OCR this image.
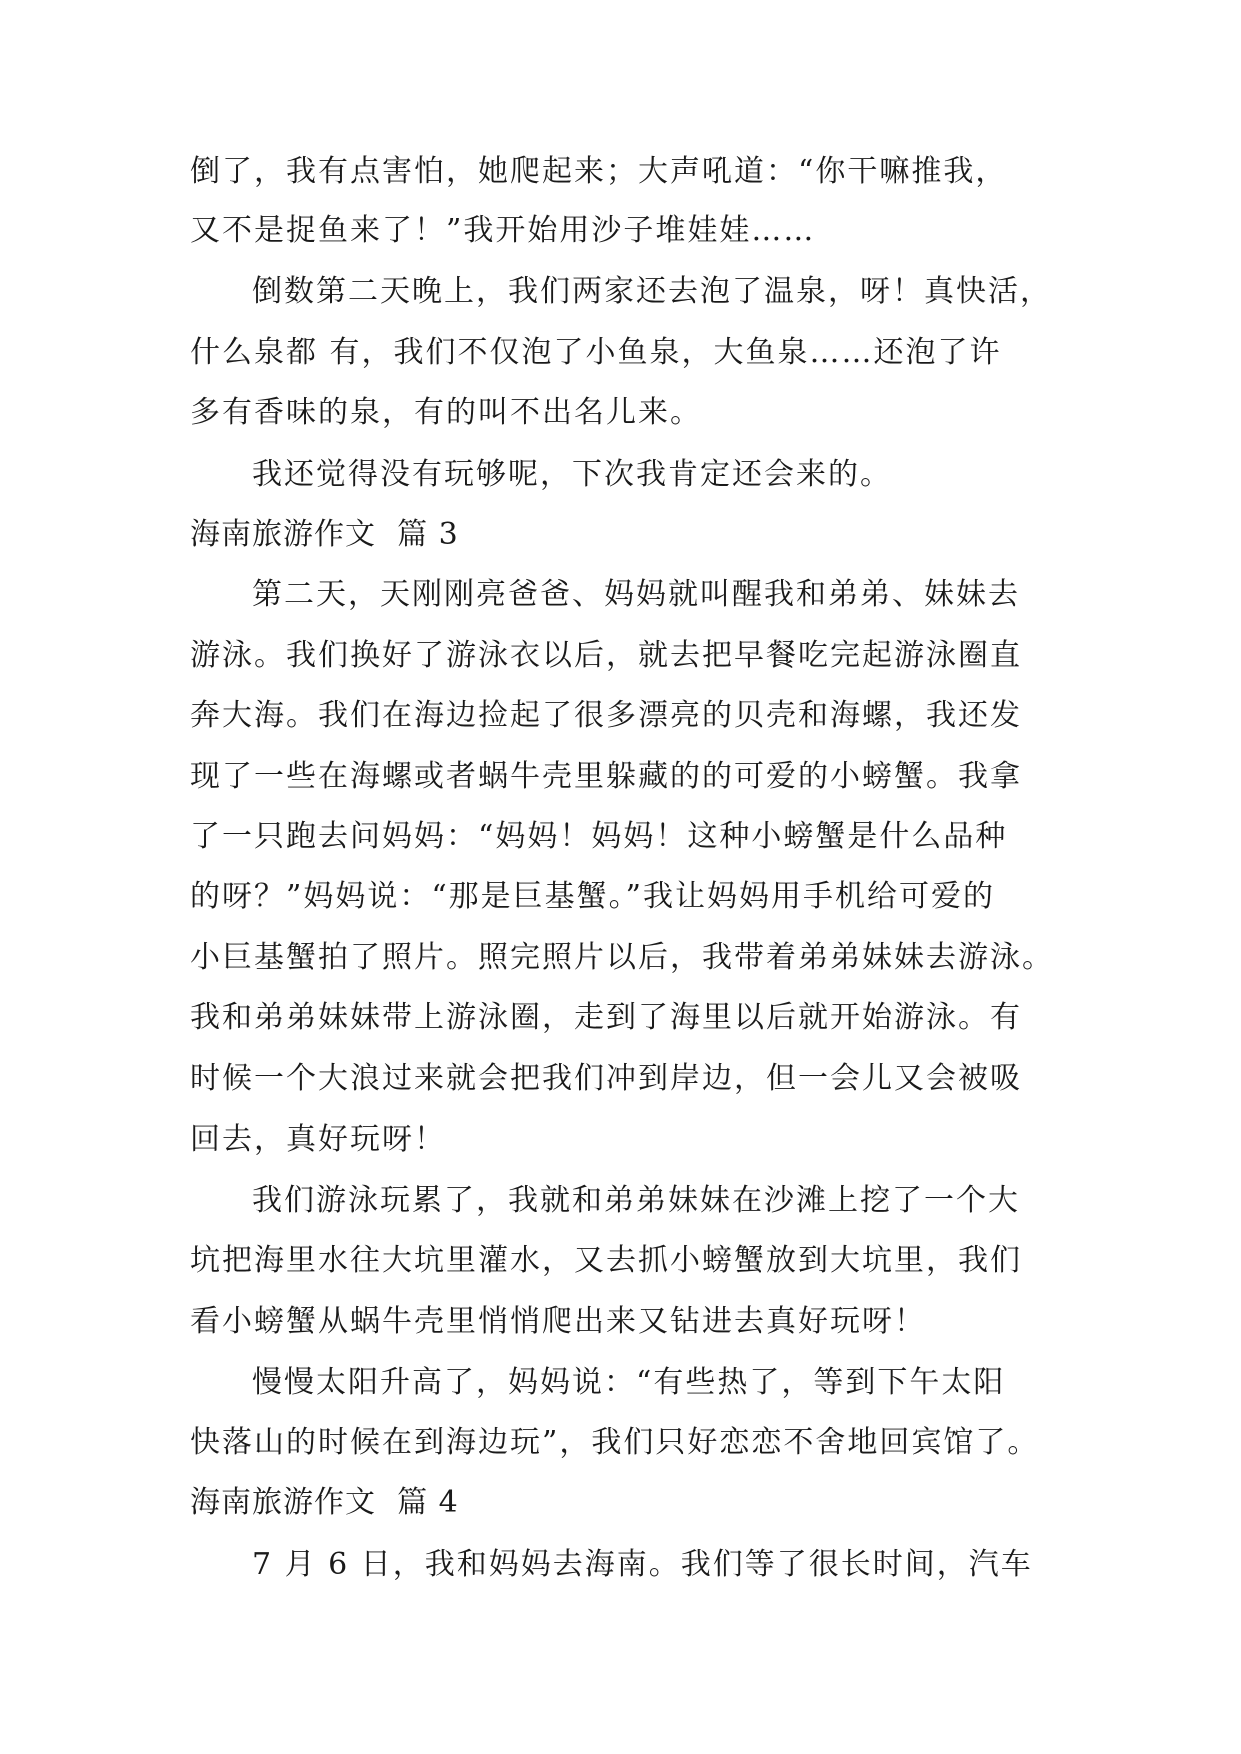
倒了，我有点害怕，她爬起来；大声吼道：“你干嘛推我，
又不是捉鱼来了！”我开始用沙子堆娃娃……
倒数第二天晚上，我们两家还去泡了温泉，呀！真快活，
什么泉都 有，我们不仅泡了小鱼泉，大鱼泉……还泡了许
多有香味的泉，有的叫不出名儿来。
我还觉得没有玩够呢，下次我肯定还会来的。
海南旅游作文  篇 3
第二天，天刚刚亮爸爸、妈妈就叫醒我和弟弟、妹妹去
游泳。我们换好了游泳衣以后，就去把早餐吃完起游泳圈直
奔大海。我们在海边捡起了很多漂亮的贝壳和海螺，我还发
现了一些在海螺或者蜗牛壳里躲藏的的可爱的小螃蟹。我拿
了一只跑去问妈妈：“妈妈！妈妈！这种小螃蟹是什么品种
的呀？”妈妈说：“那是巨基蟹。”我让妈妈用手机给可爱的
小巨基蟹拍了照片。照完照片以后，我带着弟弟妹妹去游泳。
我和弟弟妹妹带上游泳圈，走到了海里以后就开始游泳。有
时候一个大浪过来就会把我们冲到岸边，但一会儿又会被吸
回去，真好玩呀！
我们游泳玩累了，我就和弟弟妹妹在沙滩上挖了一个大
坑把海里水往大坑里灌水，又去抓小螃蟹放到大坑里，我们
看小螃蟹从蜗牛壳里悄悄爬出来又钻进去真好玩呀！
慢慢太阳升高了，妈妈说：“有些热了，等到下午太阳
快落山的时候在到海边玩”，我们只好恋恋不舍地回宾馆了。
海南旅游作文  篇 4
7 月 6 日，我和妈妈去海南。我们等了很长时间，汽车
